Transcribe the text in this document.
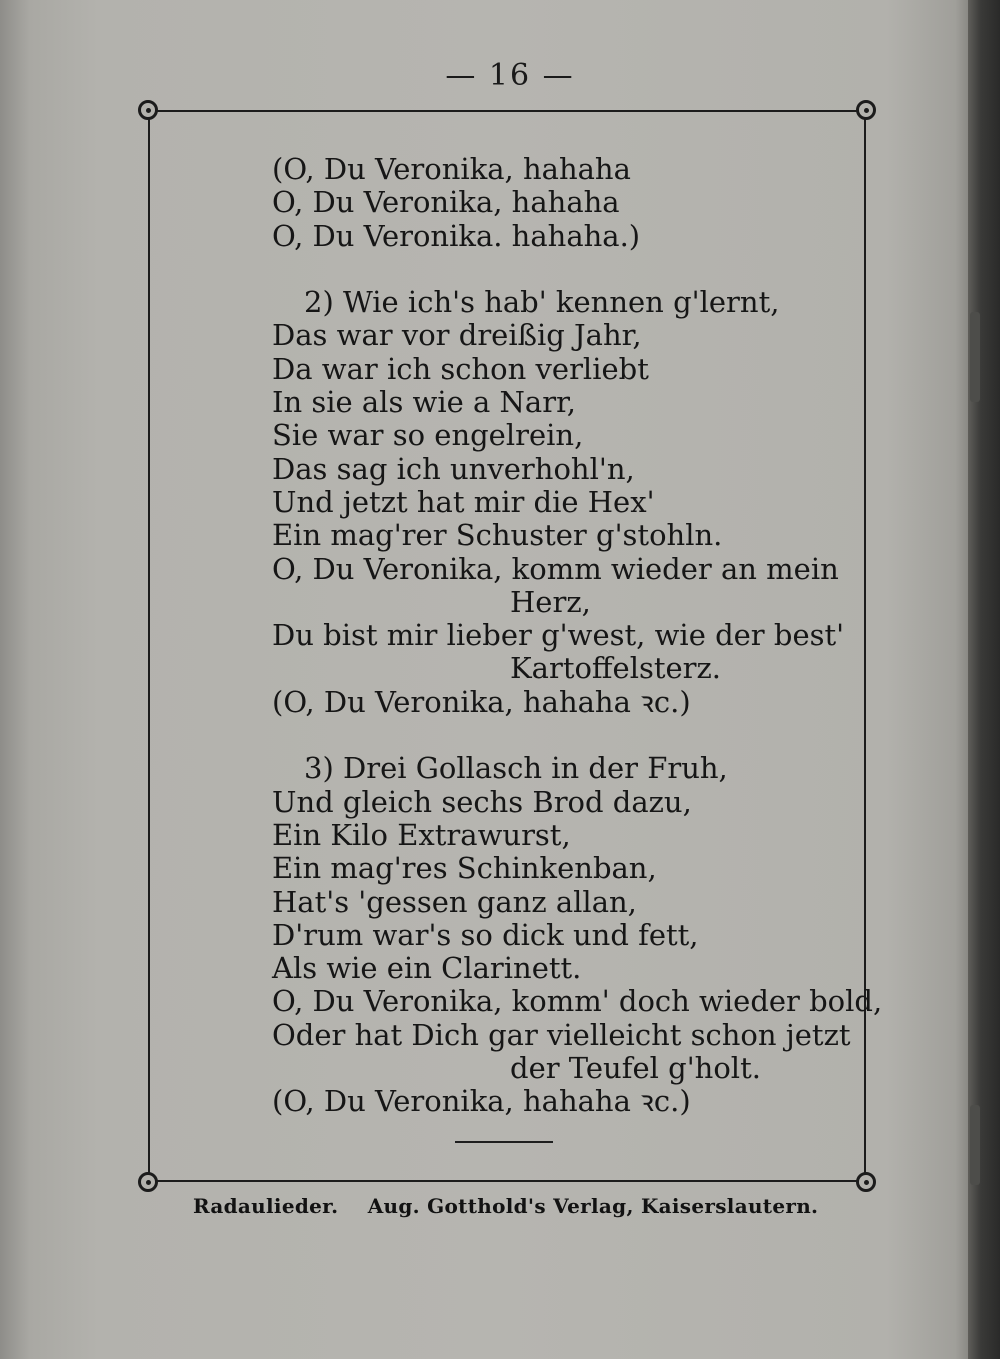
— 16 —
(O, Du Veronika, hahaha
O, Du Veronika, hahaha
O, Du Veronika. hahaha.)
2) Wie ich's hab' kennen g'lernt,
Das war vor dreißig Jahr,
Da war ich schon verliebt
In sie als wie a Narr,
Sie war so engelrein,
Das sag ich unverhohl'n,
Und jetzt hat mir die Hex'
Ein mag'rer Schuster g'stohln.
O, Du Veronika, komm wieder an mein
Herz,
Du bist mir lieber g'west, wie der best'
Kartoffelsterz.
(O, Du Veronika, hahaha ꝛc.)
3) Drei Gollasch in der Fruh,
Und gleich sechs Brod dazu,
Ein Kilo Extrawurst,
Ein mag'res Schinkenban,
Hat's 'gessen ganz allan,
D'rum war's so dick und fett,
Als wie ein Clarinett.
O, Du Veronika, komm' doch wieder bold,
Oder hat Dich gar vielleicht schon jetzt
der Teufel g'holt.
(O, Du Veronika, hahaha ꝛc.)
Radaulieder. Aug. Gotthold's Verlag, Kaiserslautern.
